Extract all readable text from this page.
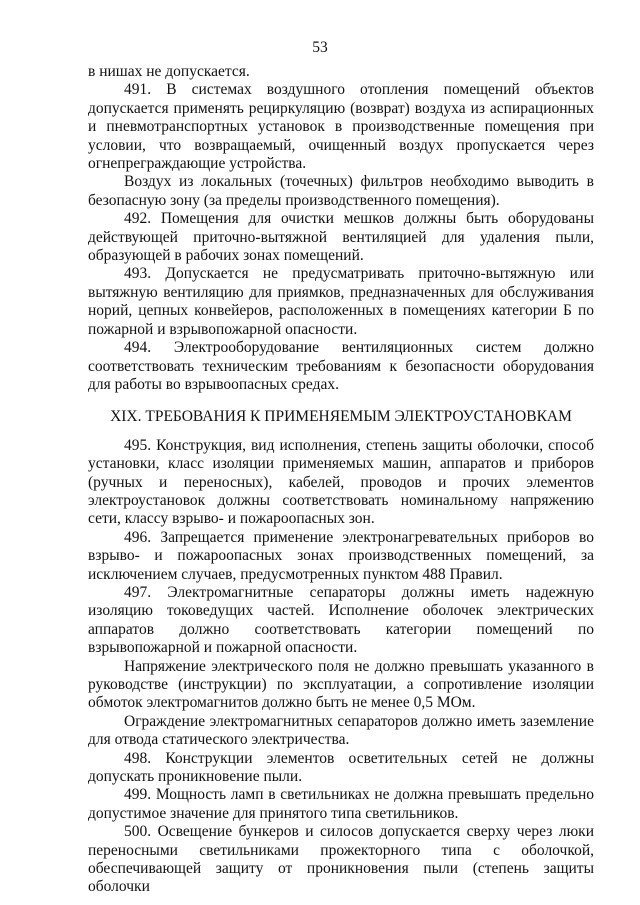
53

в нишах не допускается.

491. В системах воздушного отопления помещений объектов допускается применять рециркуляцию (возврат) воздуха из аспирационных и пневмотранспортных установок в производственные помещения при условии, что возвращаемый, очищенный воздух пропускается через огнепреграждающие устройства.

Воздух из локальных (точечных) фильтров необходимо выводить в безопасную зону (за пределы производственного помещения).

492. Помещения для очистки мешков должны быть оборудованы действующей приточно-вытяжной вентиляцией для удаления пыли, образующей в рабочих зонах помещений.

493. Допускается не предусматривать приточно-вытяжную или вытяжную вентиляцию для приямков, предназначенных для обслуживания норий, цепных конвейеров, расположенных в помещениях категории Б по пожарной и взрывопожарной опасности.

494. Электрооборудование вентиляционных систем должно соответствовать техническим требованиям к безопасности оборудования для работы во взрывоопасных средах.

XIX. ТРЕБОВАНИЯ К ПРИМЕНЯЕМЫМ ЭЛЕКТРОУСТАНОВКАМ

495. Конструкция, вид исполнения, степень защиты оболочки, способ установки, класс изоляции применяемых машин, аппаратов и приборов (ручных и переносных), кабелей, проводов и прочих элементов электроустановок должны соответствовать номинальному напряжению сети, классу взрыво- и пожароопасных зон.

496. Запрещается применение электронагревательных приборов во взрыво- и пожароопасных зонах производственных помещений, за исключением случаев, предусмотренных пунктом 488 Правил.

497. Электромагнитные сепараторы должны иметь надежную изоляцию токоведущих частей. Исполнение оболочек электрических аппаратов должно соответствовать категории помещений по взрывопожарной и пожарной опасности.

Напряжение электрического поля не должно превышать указанного в руководстве (инструкции) по эксплуатации, а сопротивление изоляции обмоток электромагнитов должно быть не менее 0,5 МОм.

Ограждение электромагнитных сепараторов должно иметь заземление для отвода статического электричества.

498. Конструкции элементов осветительных сетей не должны допускать проникновение пыли.

499. Мощность ламп в светильниках не должна превышать предельно допустимое значение для принятого типа светильников.

500. Освещение бункеров и силосов допускается сверху через люки переносными светильниками прожекторного типа с оболочкой, обеспечивающей защиту от проникновения пыли (степень защиты оболочки
